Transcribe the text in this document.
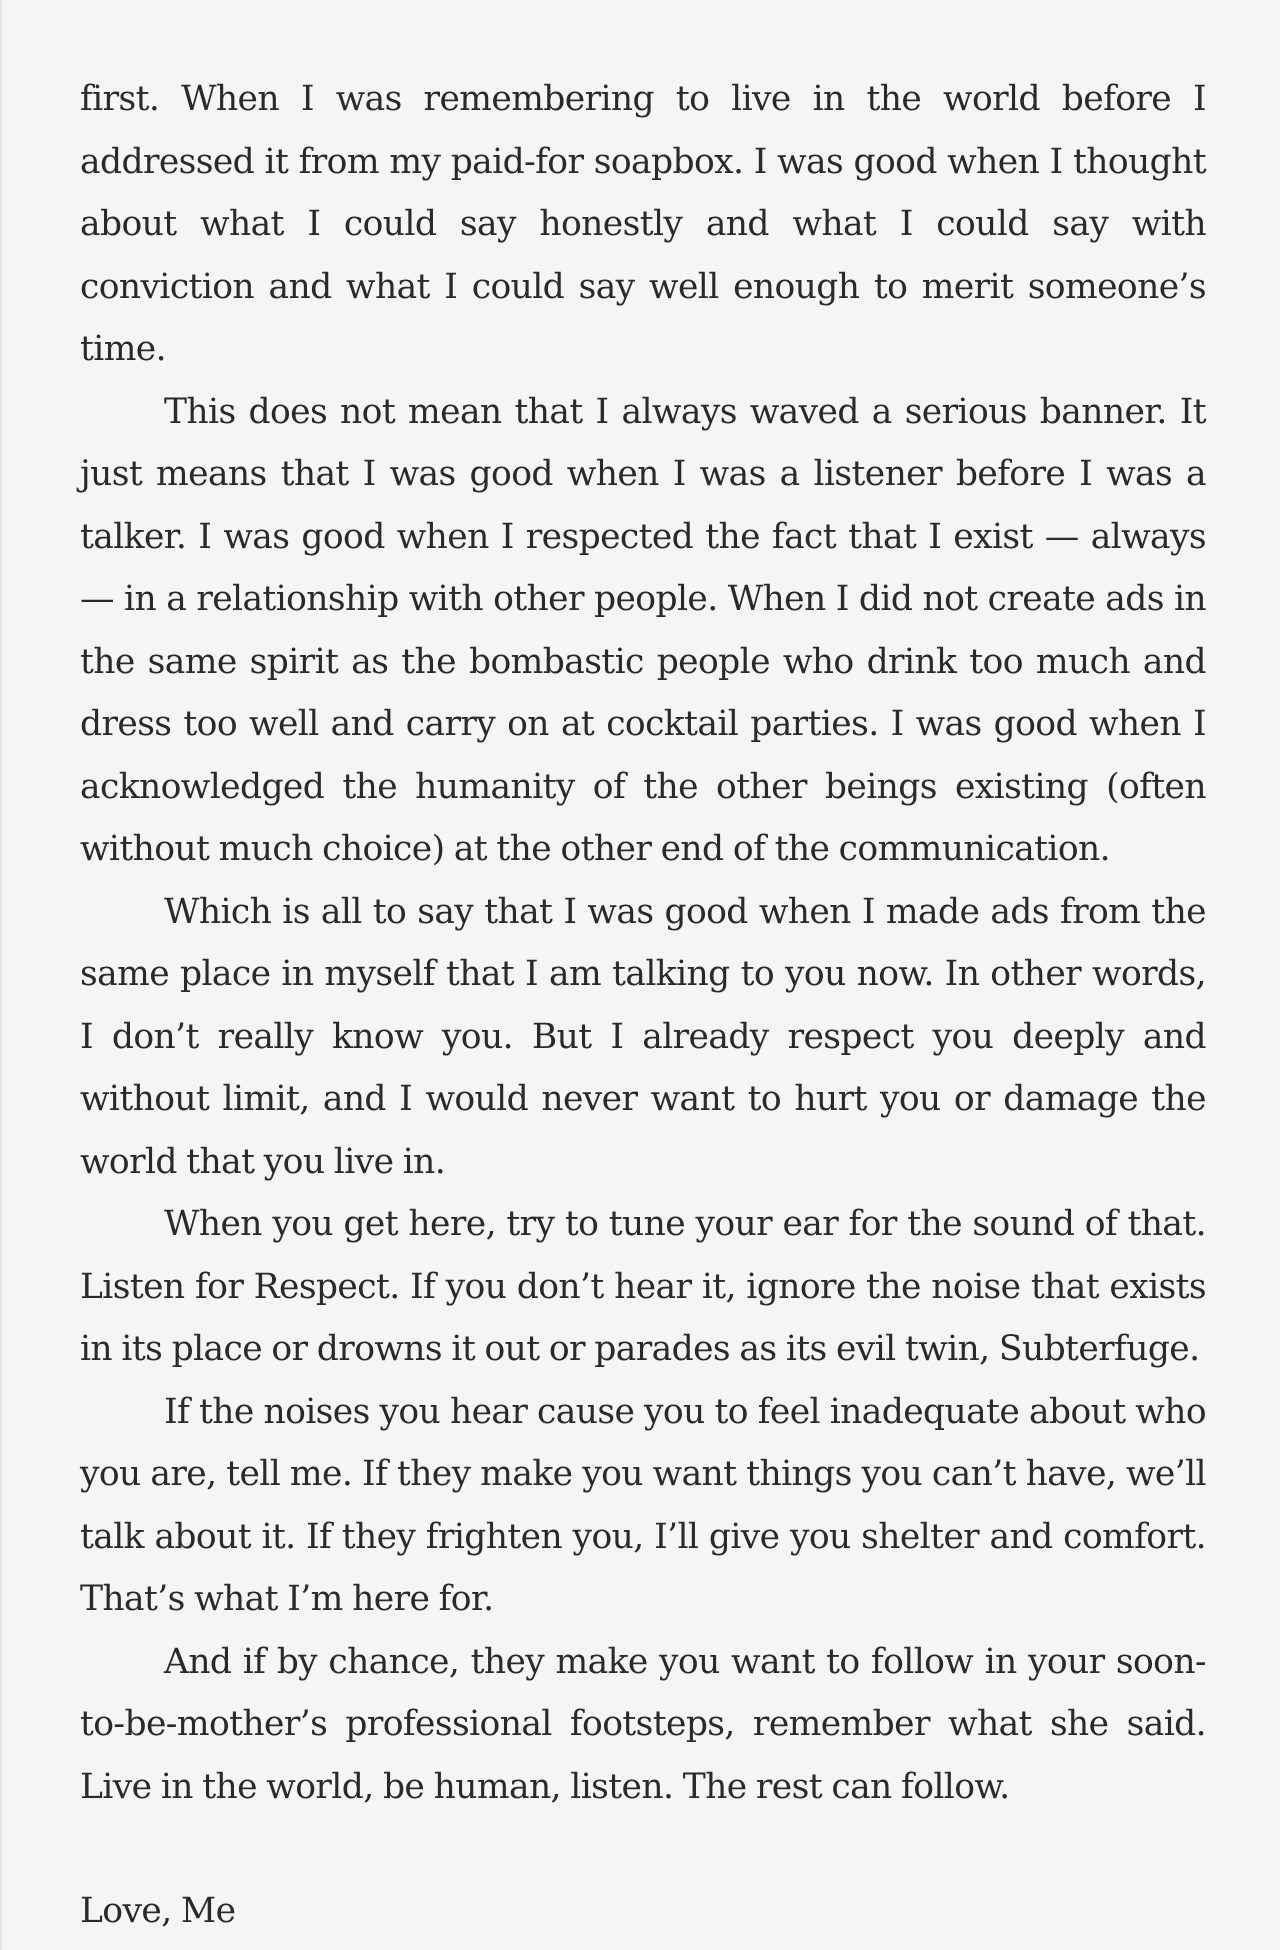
first. When I was remembering to live in the world before I addressed it from my paid-for soapbox. I was good when I thought about what I could say honestly and what I could say with conviction and what I could say well enough to merit someone’s time.

This does not mean that I always waved a serious banner. It just means that I was good when I was a listener before I was a talker. I was good when I respected the fact that I exist — always — in a relationship with other people. When I did not create ads in the same spirit as the bombastic people who drink too much and dress too well and carry on at cocktail parties. I was good when I acknowledged the humanity of the other beings existing (often without much choice) at the other end of the communication.

Which is all to say that I was good when I made ads from the same place in myself that I am talking to you now. In other words, I don’t really know you. But I already respect you deeply and without limit, and I would never want to hurt you or damage the world that you live in.

When you get here, try to tune your ear for the sound of that. Listen for Respect. If you don’t hear it, ignore the noise that exists in its place or drowns it out or parades as its evil twin, Subterfuge.

If the noises you hear cause you to feel inadequate about who you are, tell me. If they make you want things you can’t have, we’ll talk about it. If they frighten you, I’ll give you shelter and comfort. That’s what I’m here for.

And if by chance, they make you want to follow in your soon-to-be-mother’s professional footsteps, remember what she said. Live in the world, be human, listen. The rest can follow.

Love, Me
